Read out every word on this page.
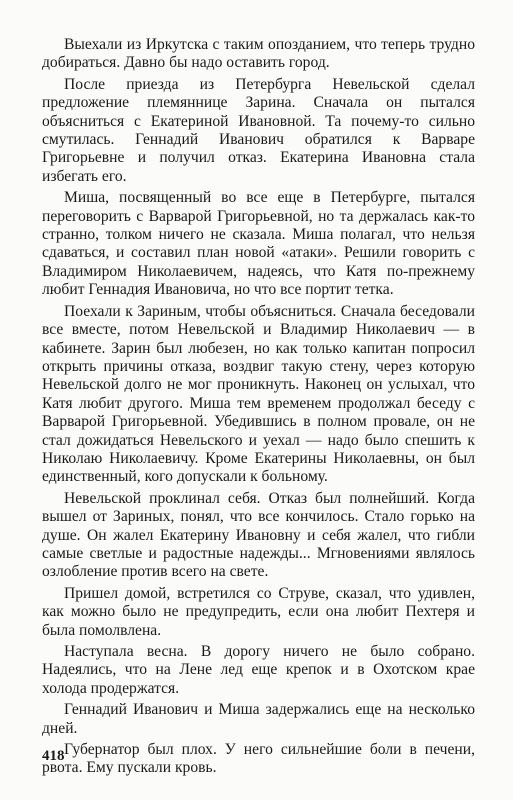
Выехали из Иркутска с таким опозданием, что теперь трудно добираться. Давно бы надо оставить город.

После приезда из Петербурга Невельской сделал предложение племяннице Зарина. Сначала он пытался объясниться с Екатериной Ивановной. Та почему-то сильно смутилась. Геннадий Иванович обратился к Варваре Григорьевне и получил отказ. Екатерина Ивановна стала избегать его.

Миша, посвященный во все еще в Петербурге, пытался переговорить с Варварой Григорьевной, но та держалась как-то странно, толком ничего не сказала. Миша полагал, что нельзя сдаваться, и составил план новой «атаки». Решили говорить с Владимиром Николаевичем, надеясь, что Катя по-прежнему любит Геннадия Ивановича, но что все портит тетка.

Поехали к Зариным, чтобы объясниться. Сначала беседовали все вместе, потом Невельской и Владимир Николаевич — в кабинете. Зарин был любезен, но как только капитан попросил открыть причины отказа, воздвиг такую стену, через которую Невельской долго не мог проникнуть. Наконец он услыхал, что Катя любит другого. Миша тем временем продолжал беседу с Варварой Григорьевной. Убедившись в полном провале, он не стал дожидаться Невельского и уехал — надо было спешить к Николаю Николаевичу. Кроме Екатерины Николаевны, он был единственный, кого допускали к больному.

Невельской проклинал себя. Отказ был полнейший. Когда вышел от Зариных, понял, что все кончилось. Стало горько на душе. Он жалел Екатерину Ивановну и себя жалел, что гибли самые светлые и радостные надежды... Мгновениями являлось озлобление против всего на свете.

Пришел домой, встретился со Струве, сказал, что удивлен, как можно было не предупредить, если она любит Пехтеря и была помолвлена.

Наступала весна. В дорогу ничего не было собрано. Надеялись, что на Лене лед еще крепок и в Охотском крае холода продержатся.

Геннадий Иванович и Миша задержались еще на несколько дней.

Губернатор был плох. У него сильнейшие боли в печени, рвота. Ему пускали кровь.

418
